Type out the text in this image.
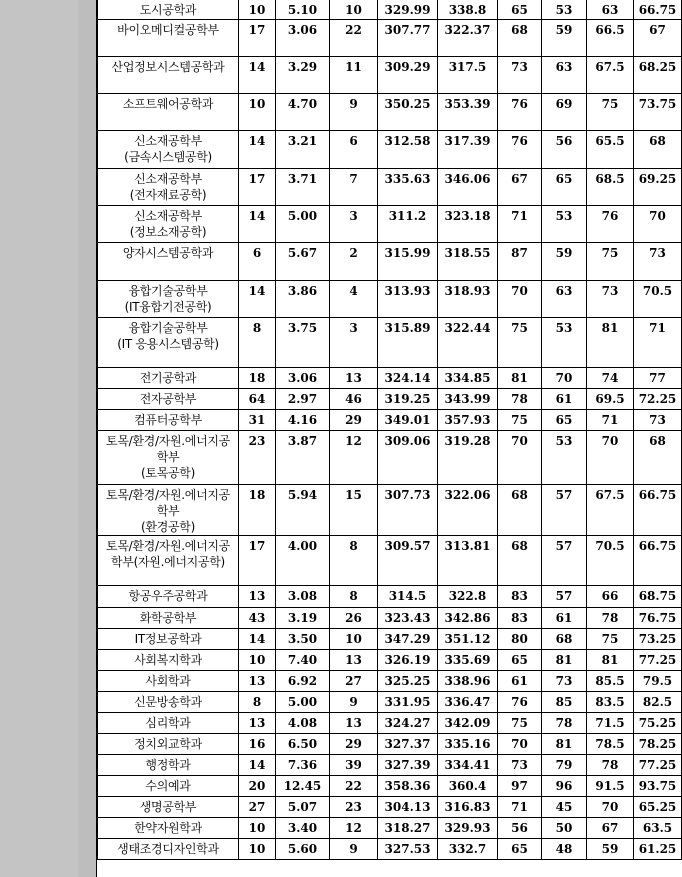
도시공학과	10	5.10	10	329.99	338.8	65	53	63	66.75

바이오메디컬공학부	17	3.06	22	307.77	322.37	68	59	66.5	67

산업정보시스템공학과	14	3.29	11	309.29	317.5	73	63	67.5	68.25

소프트웨어공학과	10	4.70	9	350.25	353.39	76	69	75	73.75

신소재공학부
(금속시스템공학)	14	3.21	6	312.58	317.39	76	56	65.5	68

신소재공학부
(전자재료공학)	17	3.71	7	335.63	346.06	67	65	68.5	69.25

신소재공학부
(정보소재공학)	14	5.00	3	311.2	323.18	71	53	76	70

양자시스템공학과	6	5.67	2	315.99	318.55	87	59	75	73

융합기술공학부
(IT융합기전공학)	14	3.86	4	313.93	318.93	70	63	73	70.5

융합기술공학부
(IT 응용시스템공학)	8	3.75	3	315.89	322.44	75	53	81	71

전기공학과	18	3.06	13	324.14	334.85	81	70	74	77

전자공학부	64	2.97	46	319.25	343.99	78	61	69.5	72.25

컴퓨터공학부	31	4.16	29	349.01	357.93	75	65	71	73

토목/환경/자원.에너지공
학부
(토목공학)	23	3.87	12	309.06	319.28	70	53	70	68

토목/환경/자원.에너지공
학부
(환경공학)	18	5.94	15	307.73	322.06	68	57	67.5	66.75

토목/환경/자원.에너지공
학부(자원.에너지공학)	17	4.00	8	309.57	313.81	68	57	70.5	66.75

항공우주공학과	13	3.08	8	314.5	322.8	83	57	66	68.75

화학공학부	43	3.19	26	323.43	342.86	83	61	78	76.75

IT정보공학과	14	3.50	10	347.29	351.12	80	68	75	73.25

사회복지학과	10	7.40	13	326.19	335.69	65	81	81	77.25

사회학과	13	6.92	27	325.25	338.96	61	73	85.5	79.5

신문방송학과	8	5.00	9	331.95	336.47	76	85	83.5	82.5

심리학과	13	4.08	13	324.27	342.09	75	78	71.5	75.25

정치외교학과	16	6.50	29	327.37	335.16	70	81	78.5	78.25

행정학과	14	7.36	39	327.39	334.41	73	79	78	77.25

수의예과	20	12.45	22	358.36	360.4	97	96	91.5	93.75

생명공학부	27	5.07	23	304.13	316.83	71	45	70	65.25

한약자원학과	10	3.40	12	318.27	329.93	56	50	67	63.5

생태조경디자인학과	10	5.60	9	327.53	332.7	65	48	59	61.25
